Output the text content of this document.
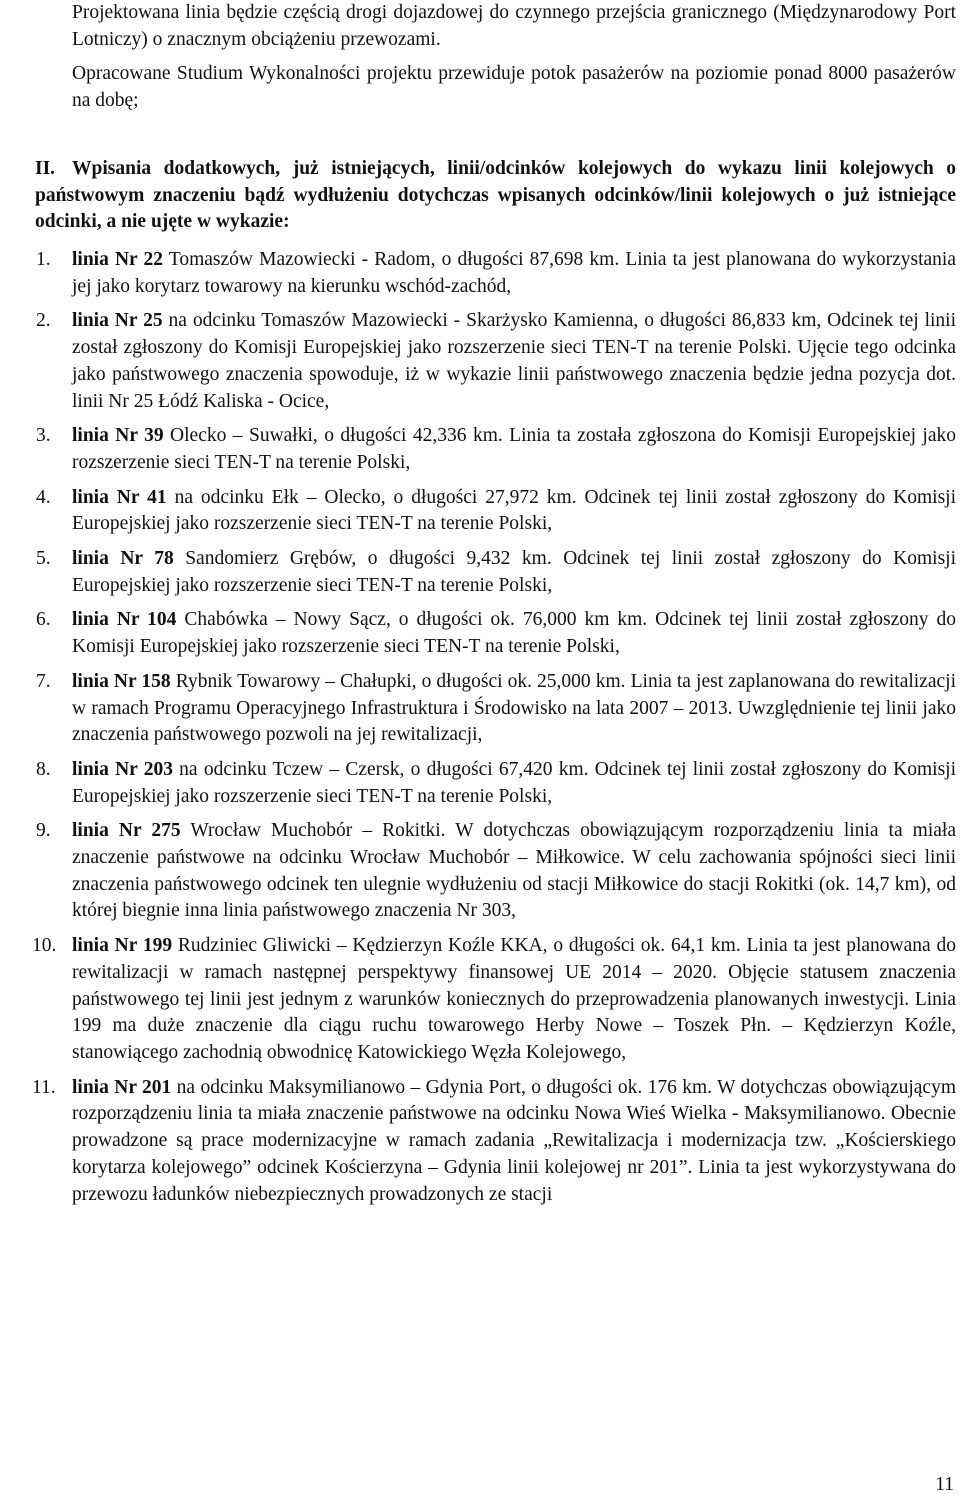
Projektowana linia będzie częścią drogi dojazdowej do czynnego przejścia granicznego (Międzynarodowy Port Lotniczy) o znacznym obciążeniu przewozami.

Opracowane Studium Wykonalności projektu przewiduje potok pasażerów na poziomie ponad 8000 pasażerów na dobę;

II. Wpisania dodatkowych, już istniejących, linii/odcinków kolejowych do wykazu linii kolejowych o państwowym znaczeniu bądź wydłużeniu dotychczas wpisanych odcinków/linii kolejowych o już istniejące odcinki, a nie ujęte w wykazie:

1. linia Nr 22 Tomaszów Mazowiecki - Radom, o długości 87,698 km. Linia ta jest planowana do wykorzystania jej jako korytarz towarowy na kierunku wschód-zachód,

2. linia Nr 25 na odcinku Tomaszów Mazowiecki - Skarżysko Kamienna, o długości 86,833 km, Odcinek tej linii został zgłoszony do Komisji Europejskiej jako rozszerzenie sieci TEN-T na terenie Polski. Ujęcie tego odcinka jako państwowego znaczenia spowoduje, iż w wykazie linii państwowego znaczenia będzie jedna pozycja dot. linii Nr 25 Łódź Kaliska - Ocice,

3. linia Nr 39 Olecko – Suwałki, o długości 42,336 km. Linia ta została zgłoszona do Komisji Europejskiej jako rozszerzenie sieci TEN-T na terenie Polski,

4. linia Nr 41 na odcinku Ełk – Olecko, o długości 27,972 km. Odcinek tej linii został zgłoszony do Komisji Europejskiej jako rozszerzenie sieci TEN-T na terenie Polski,

5. linia Nr 78 Sandomierz Grębów, o długości 9,432 km. Odcinek tej linii został zgłoszony do Komisji Europejskiej jako rozszerzenie sieci TEN-T na terenie Polski,

6. linia Nr 104 Chabówka – Nowy Sącz, o długości ok. 76,000 km km. Odcinek tej linii został zgłoszony do Komisji Europejskiej jako rozszerzenie sieci TEN-T na terenie Polski,

7. linia Nr 158 Rybnik Towarowy – Chałupki, o długości ok. 25,000 km. Linia ta jest zaplanowana do rewitalizacji w ramach Programu Operacyjnego Infrastruktura i Środowisko na lata 2007 – 2013. Uwzględnienie tej linii jako znaczenia państwowego pozwoli na jej rewitalizacji,

8. linia Nr 203 na odcinku Tczew – Czersk, o długości 67,420 km. Odcinek tej linii został zgłoszony do Komisji Europejskiej jako rozszerzenie sieci TEN-T na terenie Polski,

9. linia Nr 275 Wrocław Muchobór – Rokitki. W dotychczas obowiązującym rozporządzeniu linia ta miała znaczenie państwowe na odcinku Wrocław Muchobór – Miłkowice. W celu zachowania spójności sieci linii znaczenia państwowego odcinek ten ulegnie wydłużeniu od stacji Miłkowice do stacji Rokitki (ok. 14,7 km), od której biegnie inna linia państwowego znaczenia Nr 303,

10. linia Nr 199 Rudziniec Gliwicki – Kędzierzyn Koźle KKA, o długości ok. 64,1 km. Linia ta jest planowana do rewitalizacji w ramach następnej perspektywy finansowej UE 2014 – 2020. Objęcie statusem znaczenia państwowego tej linii jest jednym z warunków koniecznych do przeprowadzenia planowanych inwestycji. Linia 199 ma duże znaczenie dla ciągu ruchu towarowego Herby Nowe – Toszek Płn. – Kędzierzyn Koźle, stanowiącego zachodnią obwodnicę Katowickiego Węzła Kolejowego,

11. linia Nr 201 na odcinku Maksymilianowo – Gdynia Port, o długości ok. 176 km. W dotychczas obowiązującym rozporządzeniu linia ta miała znaczenie państwowe na odcinku Nowa Wieś Wielka - Maksymilianowo. Obecnie prowadzone są prace modernizacyjne w ramach zadania „Rewitalizacja i modernizacja tzw. „Kościerskiego korytarza kolejowego” odcinek Kościerzyna – Gdynia linii kolejowej nr 201”. Linia ta jest wykorzystywana do przewozu ładunków niebezpiecznych prowadzonych ze stacji

11
